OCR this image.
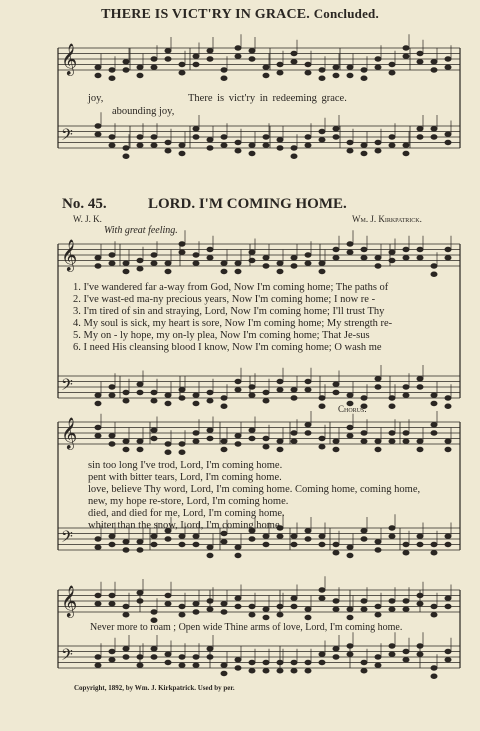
THERE IS VICT'RY IN GRACE. Concluded.
𝄞
𝄢
𝄞
𝄢
𝄞
𝄢
𝄞
𝄢
joy,	There is vict'ry in redeeming grace.
abounding joy,
No. 45.	LORD. I'M COMING HOME.
W. J. K.	Wm. J. Kirkpatrick.
With great feeling.
1. I've wandered far a-way from God, Now I'm coming home; The paths of
2. I've wast-ed ma-ny precious years, Now I'm coming home; I now re -
3. I'm tired of sin and straying, Lord, Now I'm coming home; I'll trust Thy
4. My soul is sick, my heart is sore, Now I'm coming home; My strength re-
5. My on - ly hope, my on-ly plea, Now I'm coming home; That Je-sus
6. I need His cleansing blood I know, Now I'm coming home; O wash me
Chorus.
sin too long I've trod, Lord, I'm coming home.
pent with bitter tears, Lord, I'm coming home.
love, believe Thy word, Lord, I'm coming home. Coming home, coming home,
new, my hope re-store, Lord, I'm coming home.
died, and died for me, Lord, I'm coming home.
whiter than the snow, Lord, I'm coming home.
Never more to roam ; Open wide Thine arms of love, Lord, I'm coming home.
Copyright, 1892, by Wm. J. Kirkpatrick. Used by per.
